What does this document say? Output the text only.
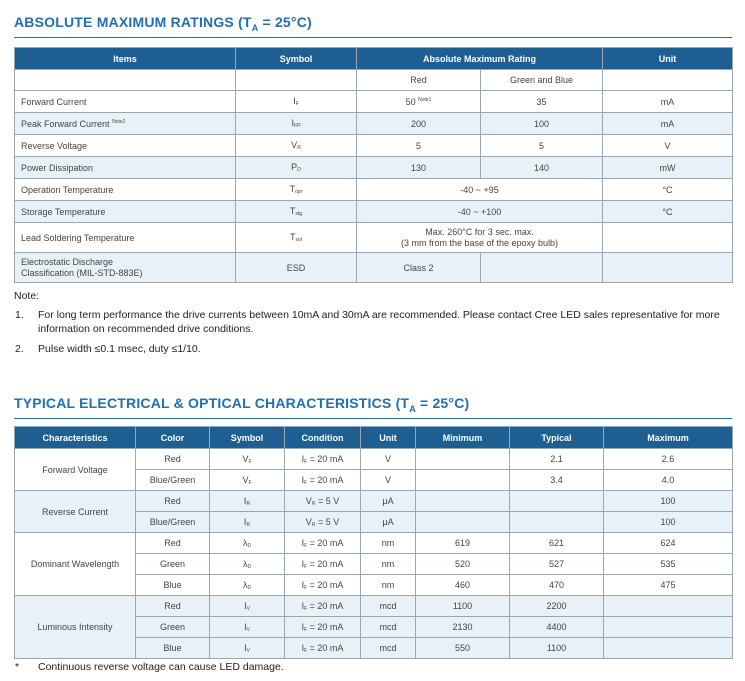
ABSOLUTE MAXIMUM RATINGS $(T_A = 25^\circ C)$
Items	Symbol	Absolute Maximum Rating		Unit
		Red	Green and Blue	
Forward Current	$I_F$	50 $^{Note1}$	35	mA
Peak Forward Current $^{Note2}$	$I_{FP}$	200	100	mA
Reverse Voltage	$V_R$	5	5	V
Power Dissipation	$P_D$	130	140	mW
Operation Temperature	$T_{opr}$	-40 ~ +95		°C
Storage Temperature	$T_{stg}$	-40 ~ +100		°C
Lead Soldering Temperature	$T_{sol}$	Max. 260°C for 3 sec. max.
(3 mm from the base of the epoxy bulb)		

Electrostatic Discharge
Classification (MIL-STD-883E)	ESD	Class 2		
Note:
1. For long term performance the drive currents between 10mA and 30mA are recommended. Please contact Cree LED sales representative for more
information on recommended drive conditions.
2. Pulse width ≤0.1 msec, duty ≤1/10.
TYPICAL ELECTRICAL & OPTICAL CHARACTERISTICS $(T_A = 25^\circ C)$
Characteristics	Color	Symbol	Condition	Unit	Minimum	Typical	Maximum
Forward Voltage	Red	$V_F$	$I_F = 20$ mA	V		2.1	2.6
	Blue/Green	$V_F$	$I_F = 20$ mA	V		3.4	4.0
Reverse Current	Red	$I_R$	$V_R = 5$ V	μA			100
	Blue/Green	$I_R$	$V_R = 5$ V	μA			100
Dominant Wavelength	Red	$\lambda_D$	$I_F = 20$ mA	nm	619	621	624
	Green	$\lambda_D$	$I_F = 20$ mA	nm	520	527	535
	Blue	$\lambda_D$	$I_F = 20$ mA	nm	460	470	475
Luminous Intensity	Red	$I_V$	$I_F = 20$ mA	mcd	1100	2200	
	Green	$I_V$	$I_F = 20$ mA	mcd	2130	4400	
	Blue	$I_V$	$I_F = 20$ mA	mcd	550	1100	
* Continuous reverse voltage can cause LED damage.
